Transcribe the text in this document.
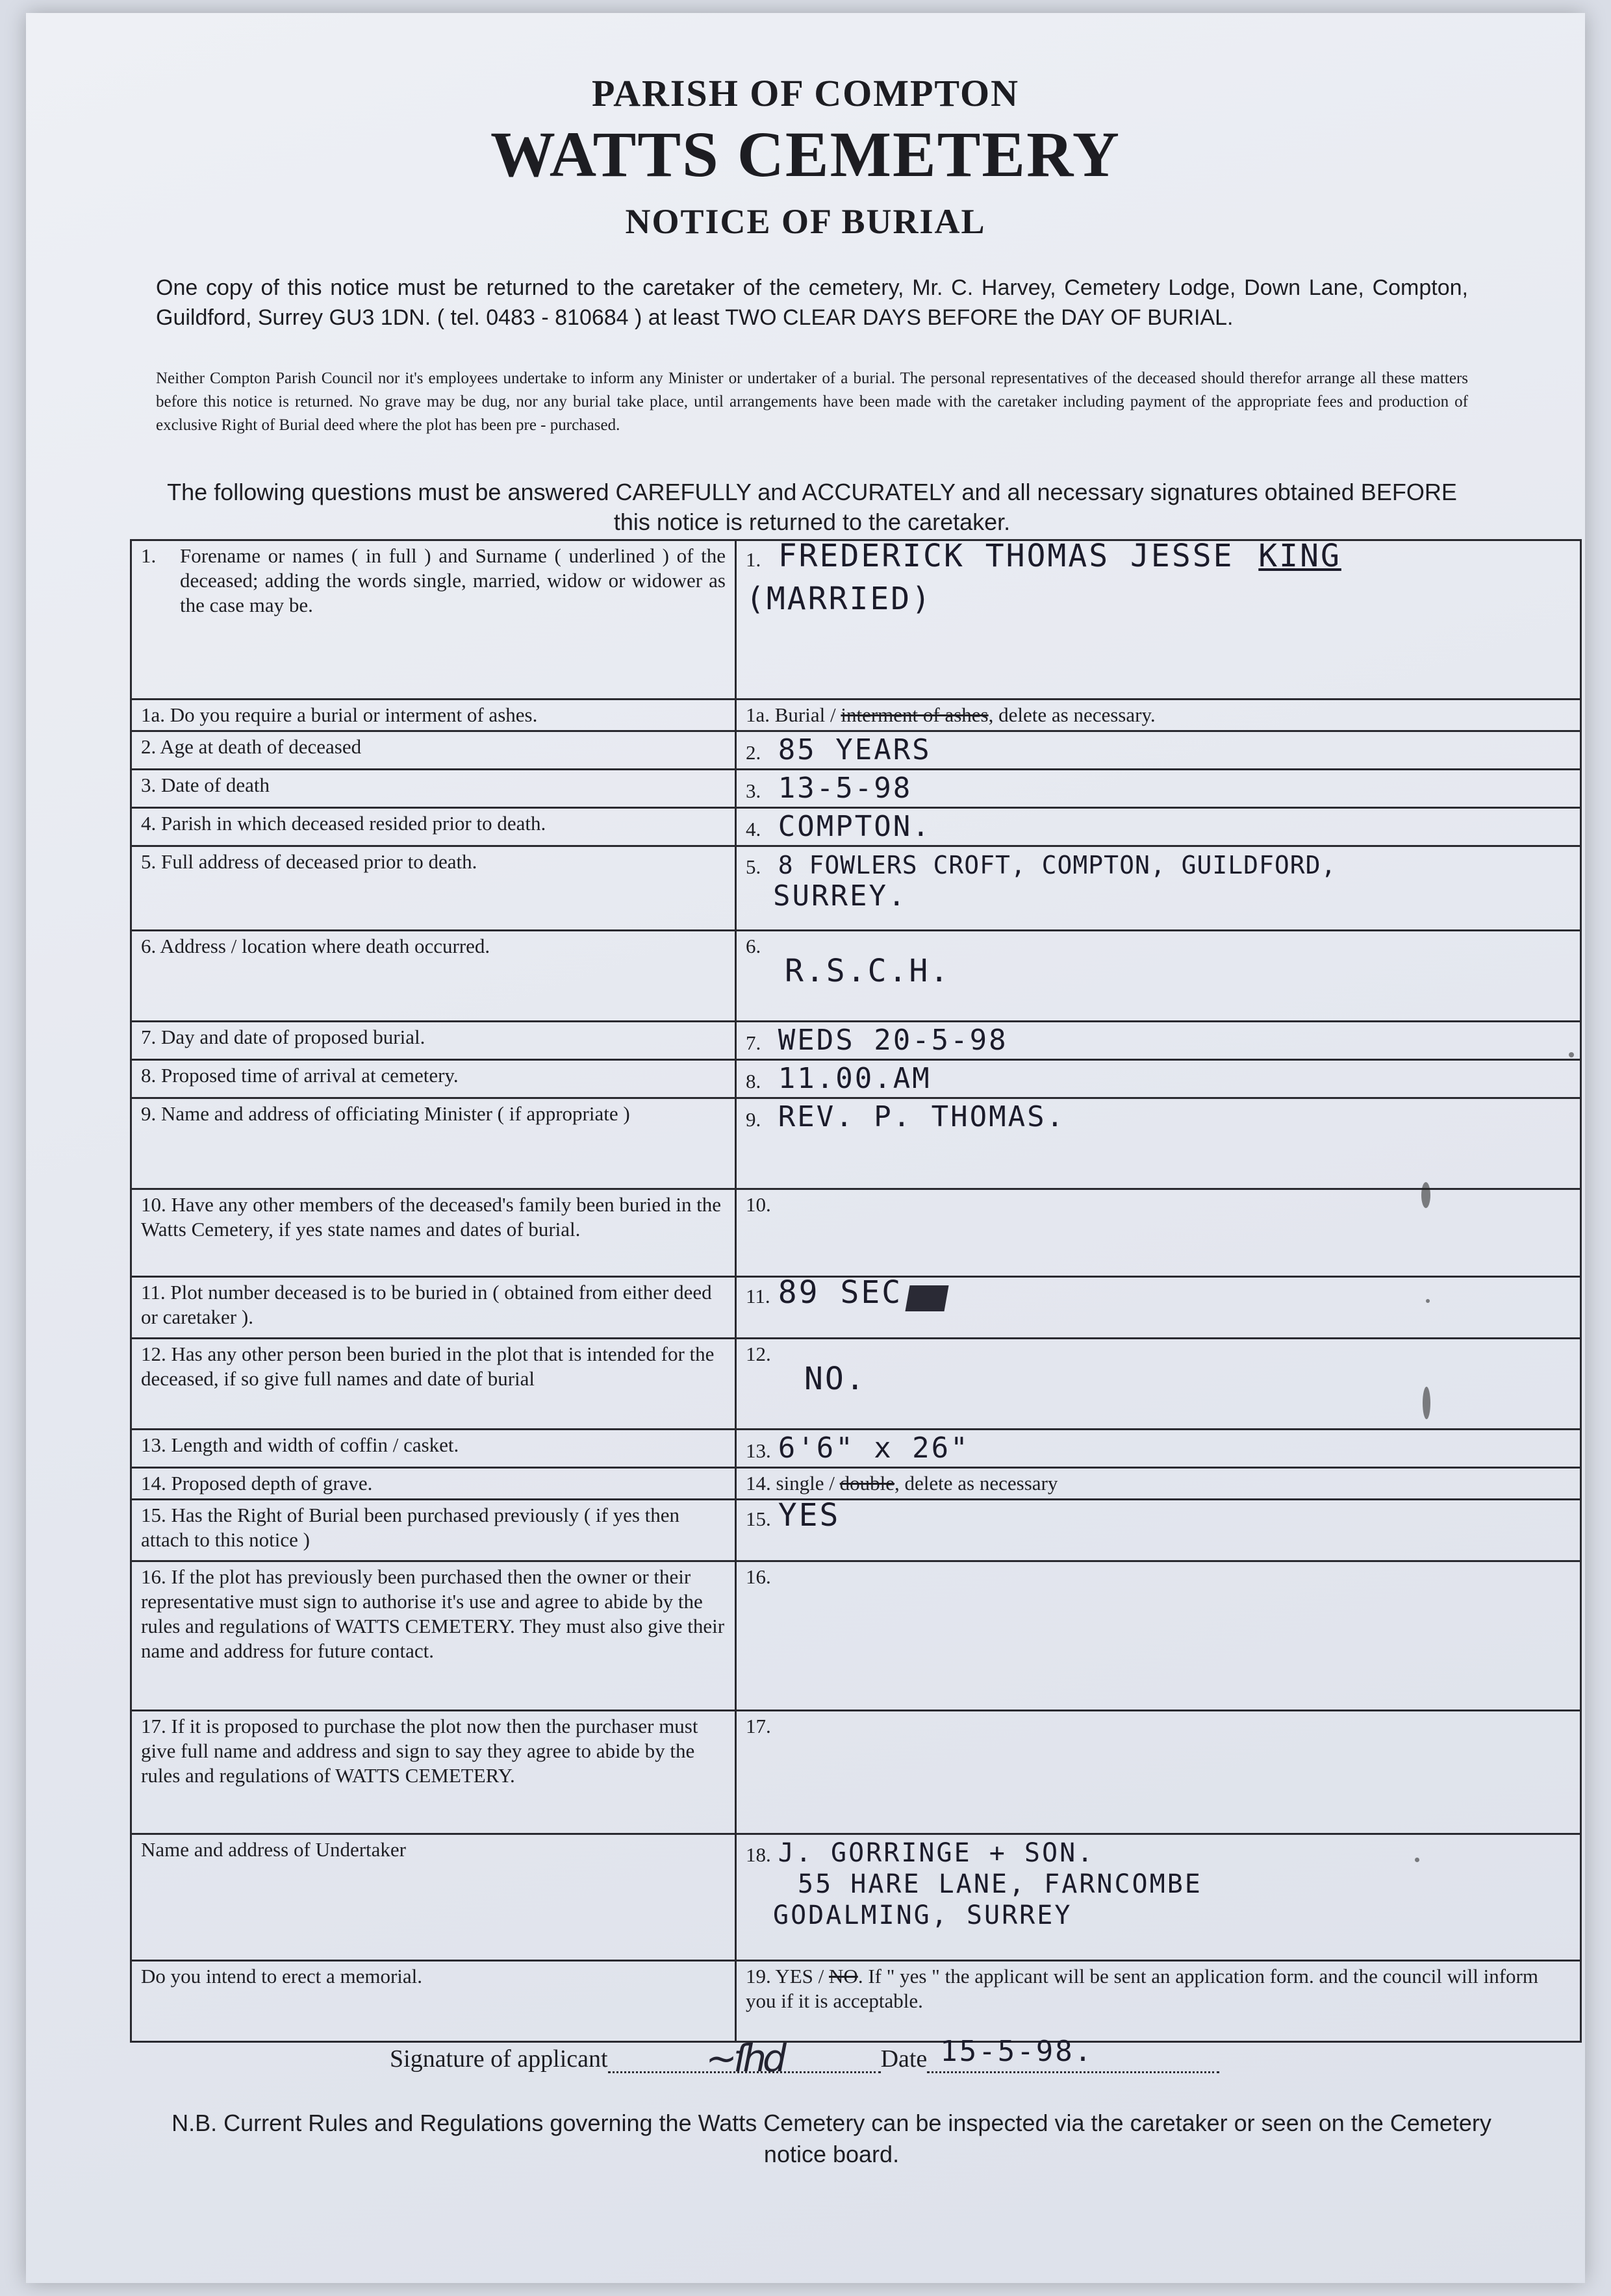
PARISH OF COMPTON
WATTS CEMETERY
NOTICE OF BURIAL
One copy of this notice must be returned to the caretaker of the cemetery, Mr. C. Harvey, Cemetery Lodge, Down Lane, Compton, Guildford, Surrey GU3 1DN. ( tel. 0483 - 810684 ) at least TWO CLEAR DAYS BEFORE the DAY OF BURIAL.
Neither Compton Parish Council nor it's employees undertake to inform any Minister or undertaker of a burial. The personal representatives of the deceased should therefor arrange all these matters before this notice is returned. No grave may be dug, nor any burial take place, until arrangements have been made with the caretaker including payment of the appropriate fees and production of exclusive Right of Burial deed where the plot has been pre - purchased.
The following questions must be answered CAREFULLY and ACCURATELY and all necessary signatures obtained BEFORE this notice is returned to the caretaker.

1. Forename or names ( in full ) and Surname ( underlined ) of the deceased; adding the words single, married, widow or widower as the case may be.	1. FREDERICK THOMAS JESSE KING
(MARRIED)
1a. Do you require a burial or interment of ashes.	1a. Burial / interment of ashes, delete as necessary.
2. Age at death of deceased	2. 85 YEARS
3. Date of death	3. 13-5-98
4. Parish in which deceased resided prior to death.	4. COMPTON.
5. Full address of deceased prior to death.	5. 8 FOWLERS CROFT, COMPTON, GUILDFORD,
SURREY.
6. Address / location where death occurred.	6.
R.S.C.H.
7. Day and date of proposed burial.	7. WEDS 20-5-98
8. Proposed time of arrival at cemetery.	8. 11.00.AM
9. Name and address of officiating Minister ( if appropriate )	9. REV. P. THOMAS.
10. Have any other members of the deceased's family been buried in the Watts Cemetery, if yes state names and dates of burial.	10.
11. Plot number deceased is to be buried in ( obtained from either deed or caretaker ).	11. 89 SEC
12. Has any other person been buried in the plot that is intended for the deceased, if so give full names and date of burial	12.
NO.
13. Length and width of coffin / casket.	13. 6'6" x 26"
14. Proposed depth of grave.	14. single / double, delete as necessary
15. Has the Right of Burial been purchased previously ( if yes then attach to this notice )	15. YES
16. If the plot has previously been purchased then the owner or their representative must sign to authorise it's use and agree to abide by the rules and regulations of WATTS CEMETERY. They must also give their name and address for future contact.	16.
17. If it is proposed to purchase the plot now then the purchaser must give full name and address and sign to say they agree to abide by the rules and regulations of WATTS CEMETERY.	17.
Name and address of Undertaker	18. J. GORRINGE + SON.
55 HARE LANE, FARNCOMBE
GODALMING, SURREY
Do you intend to erect a memorial.	19. YES / NO. If " yes " the applicant will be sent an application form. and the council will inform you if it is acceptable.
Signature of applicant	~ſhd	Date 15-5-98.
N.B. Current Rules and Regulations governing the Watts Cemetery can be inspected via the caretaker or seen on the Cemetery notice board.
